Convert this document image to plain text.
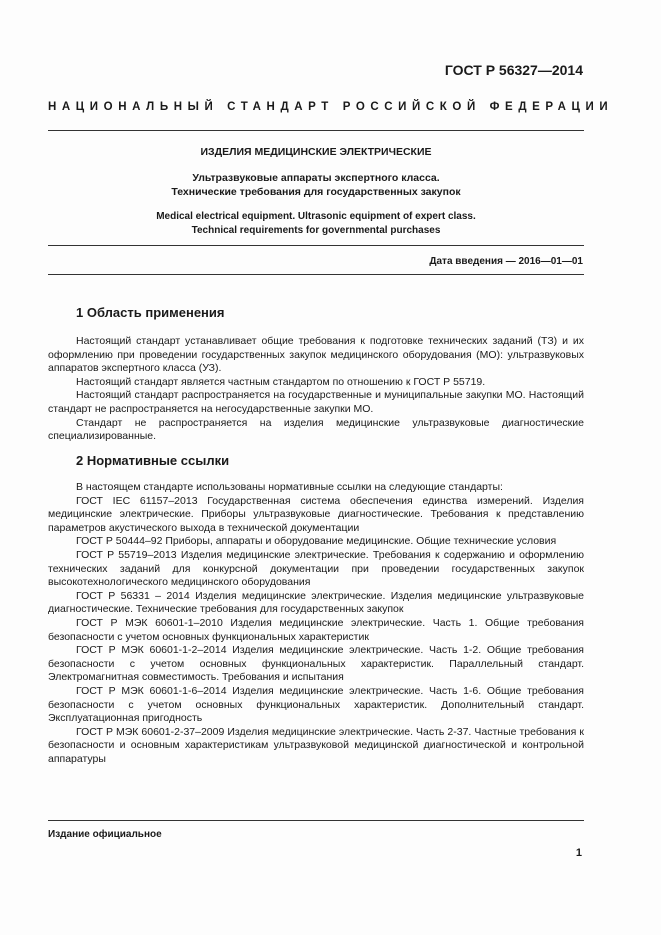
ГОСТ Р 56327—2014
НАЦИОНАЛЬНЫЙ СТАНДАРТ РОССИЙСКОЙ ФЕДЕРАЦИИ
ИЗДЕЛИЯ МЕДИЦИНСКИЕ ЭЛЕКТРИЧЕСКИЕ
Ультразвуковые аппараты экспертного класса.
Технические требования для государственных закупок
Medical electrical equipment. Ultrasonic equipment of expert class.
Technical requirements for governmental purchases
Дата введения — 2016—01—01
1 Область применения

Настоящий стандарт устанавливает общие требования к подготовке технических заданий (ТЗ) и их оформлению при проведении государственных закупок медицинского оборудования (МО): ультразвуковых аппаратов экспертного класса (УЗ).

Настоящий стандарт является частным стандартом по отношению к ГОСТ Р 55719.

Настоящий стандарт распространяется на государственные и муниципальные закупки МО. Настоящий стандарт не распространяется на негосударственные закупки МО.

Стандарт не распространяется на изделия медицинские ультразвуковые диагностические специализированные.

2 Нормативные ссылки

В настоящем стандарте использованы нормативные ссылки на следующие стандарты:

ГОСТ IEC 61157–2013 Государственная система обеспечения единства измерений. Изделия медицинские электрические. Приборы ультразвуковые диагностические. Требования к представлению параметров акустического выхода в технической документации

ГОСТ Р 50444–92 Приборы, аппараты и оборудование медицинские. Общие технические условия

ГОСТ Р 55719–2013 Изделия медицинские электрические. Требования к содержанию и оформлению технических заданий для конкурсной документации при проведении государственных закупок высокотехнологического медицинского оборудования

ГОСТ Р 56331 – 2014 Изделия медицинские электрические. Изделия медицинские ультразвуковые диагностические. Технические требования для государственных закупок

ГОСТ Р МЭК 60601-1–2010 Изделия медицинские электрические. Часть 1. Общие требования безопасности с учетом основных функциональных характеристик

ГОСТ Р МЭК 60601-1-2–2014 Изделия медицинские электрические. Часть 1-2. Общие требования безопасности с учетом основных функциональных характеристик. Параллельный стандарт. Электромагнитная совместимость. Требования и испытания

ГОСТ Р МЭК 60601-1-6–2014 Изделия медицинские электрические. Часть 1-6. Общие требования безопасности с учетом основных функциональных характеристик. Дополнительный стандарт. Эксплуатационная пригодность

ГОСТ Р МЭК 60601-2-37–2009 Изделия медицинские электрические. Часть 2-37. Частные требования к безопасности и основным характеристикам ультразвуковой медицинской диагностической и контрольной аппаратуры

Издание официальное
1
